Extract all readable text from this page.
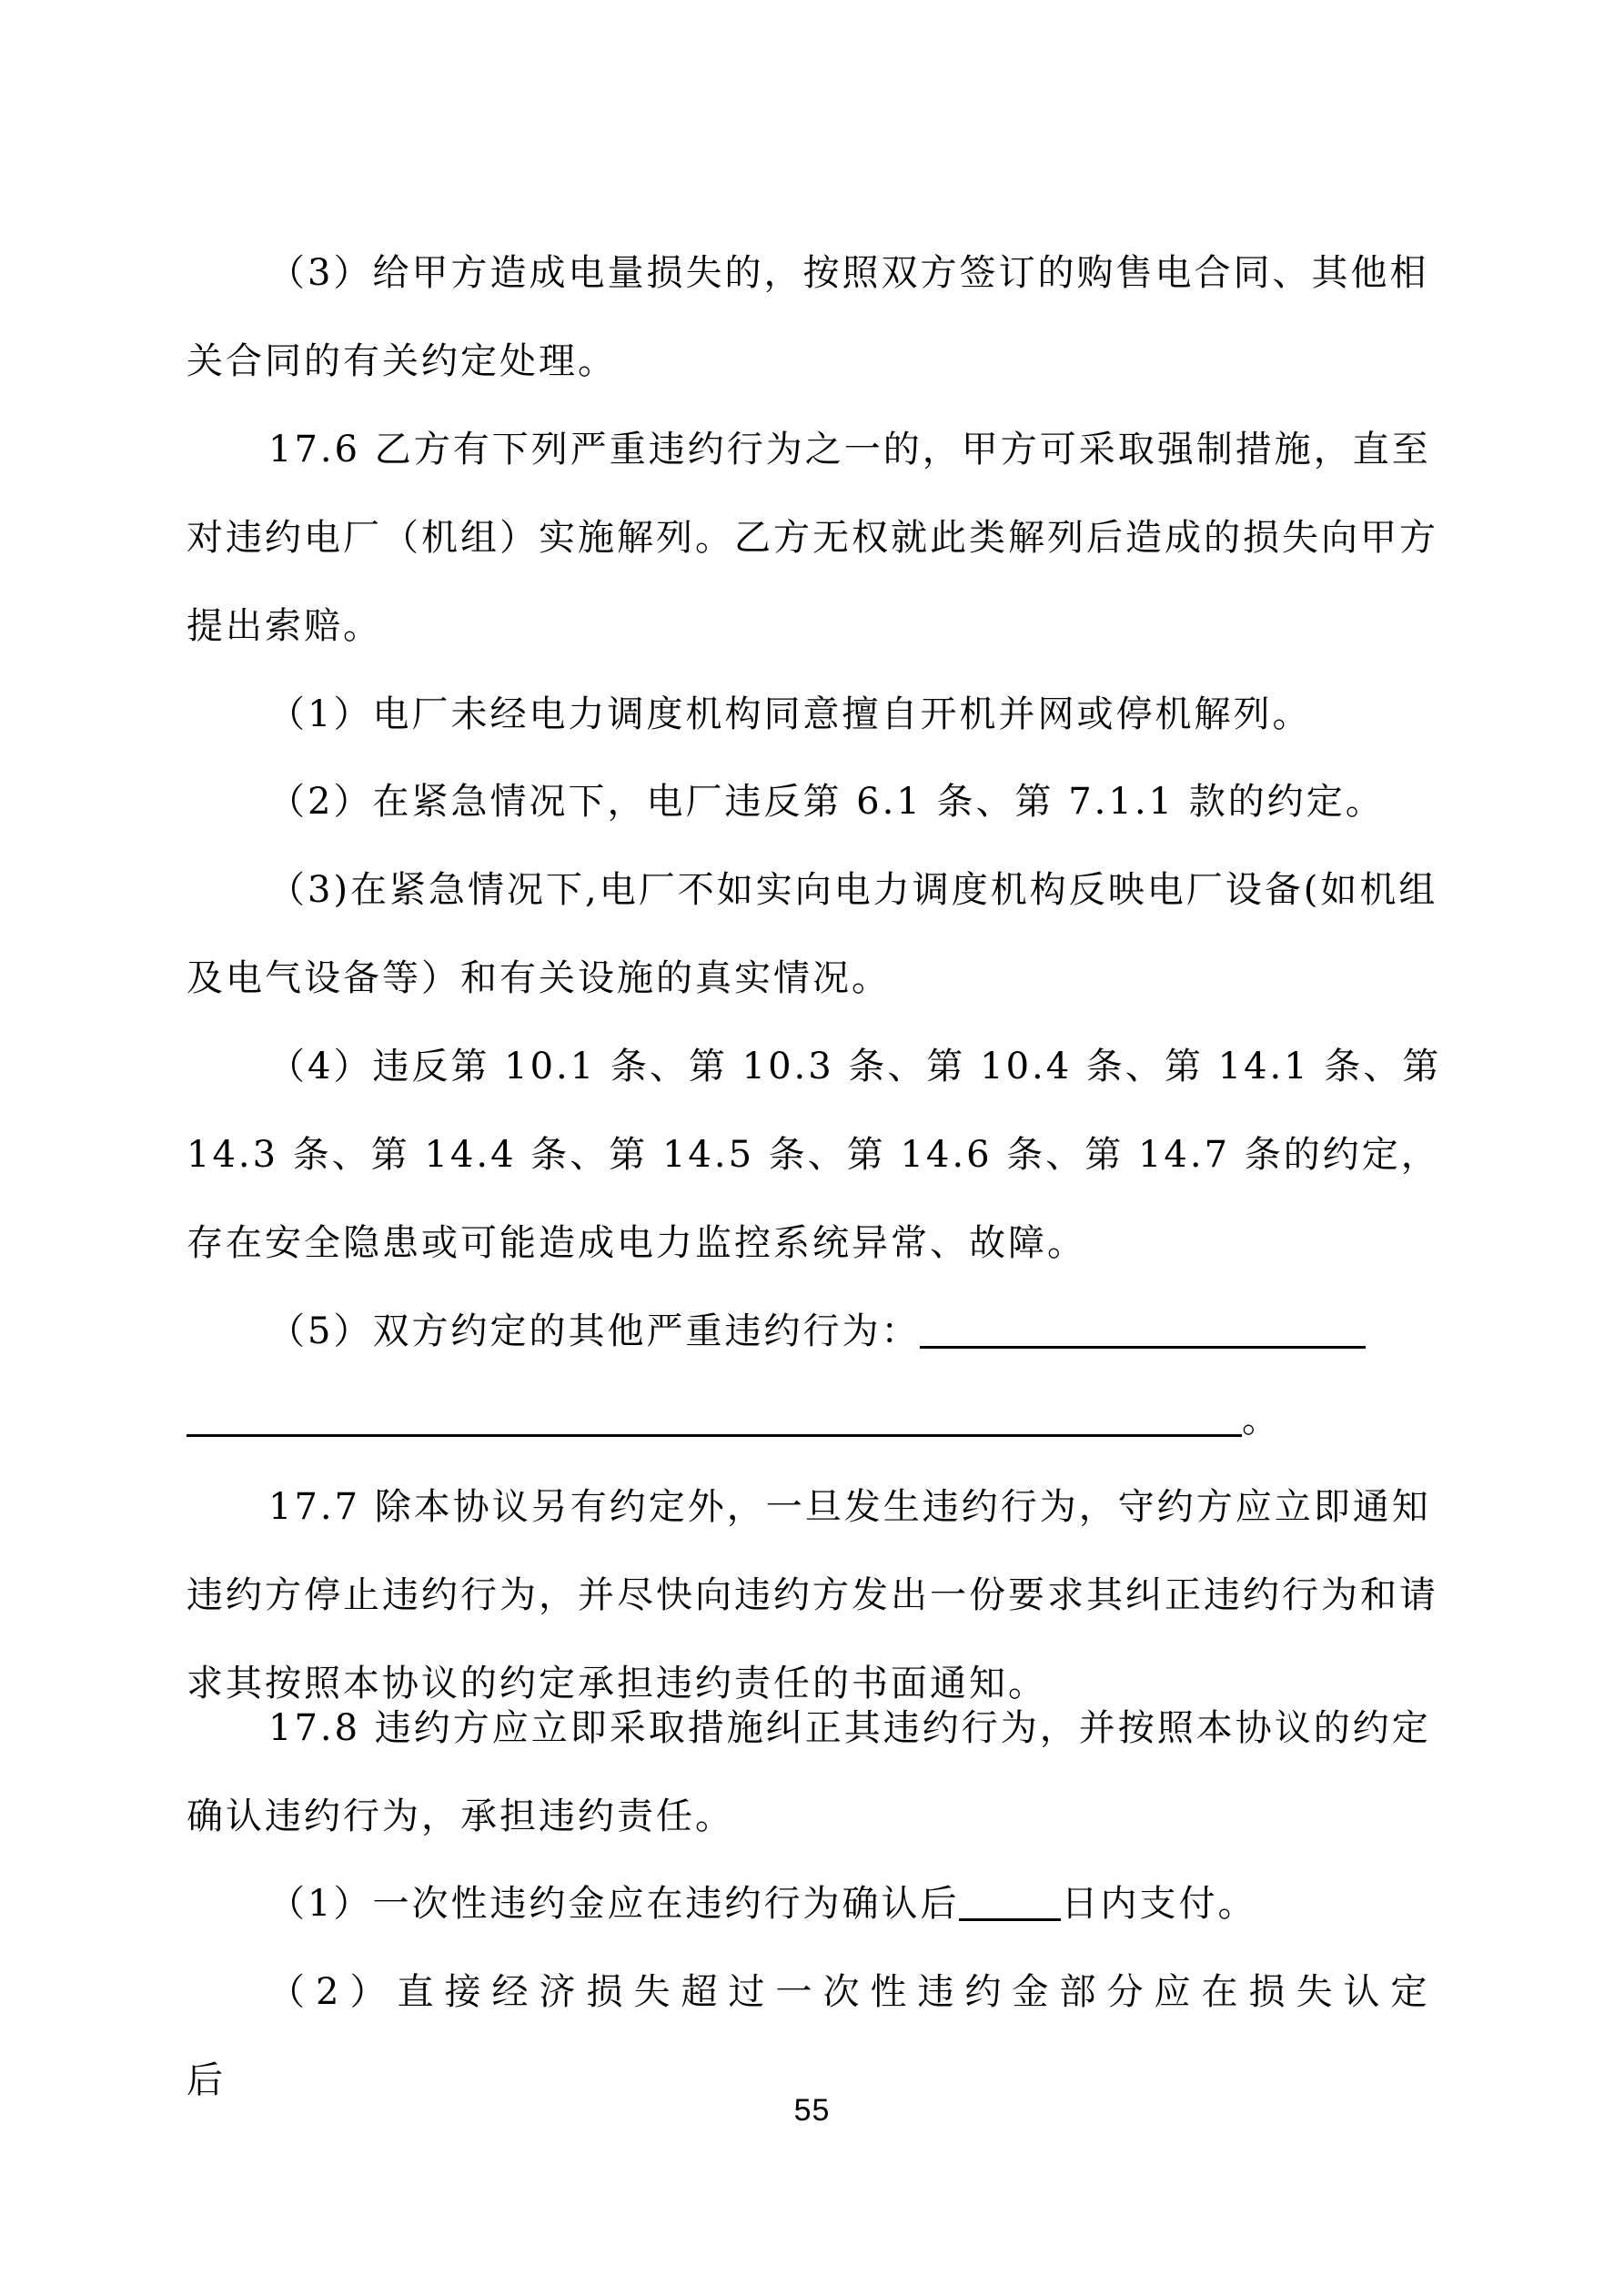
（3）给甲方造成电量损失的，按照双方签订的购售电合同、其他相关合同的有关约定处理。

17.6 乙方有下列严重违约行为之一的，甲方可采取强制措施，直至对违约电厂（机组）实施解列。乙方无权就此类解列后造成的损失向甲方提出索赔。

（1）电厂未经电力调度机构同意擅自开机并网或停机解列。

（2）在紧急情况下，电厂违反第 6.1 条、第 7.1.1 款的约定。

（3)在紧急情况下,电厂不如实向电力调度机构反映电厂设备(如机组及电气设备等）和有关设施的真实情况。

（4）违反第 10.1 条、第 10.3 条、第 10.4 条、第 14.1 条、第 14.3 条、第 14.4 条、第 14.5 条、第 14.6 条、第 14.7 条的约定，存在安全隐患或可能造成电力监控系统异常、故障。

（5）双方约定的其他严重违约行为：
。

17.7 除本协议另有约定外，一旦发生违约行为，守约方应立即通知违约方停止违约行为，并尽快向违约方发出一份要求其纠正违约行为和请求其按照本协议的约定承担违约责任的书面通知。

17.8 违约方应立即采取措施纠正其违约行为，并按照本协议的约定确认违约行为，承担违约责任。

（1）一次性违约金应在违约行为确认后	日内支付。

（2）直接经济损失超过一次性违约金部分应在损失认定后

55
